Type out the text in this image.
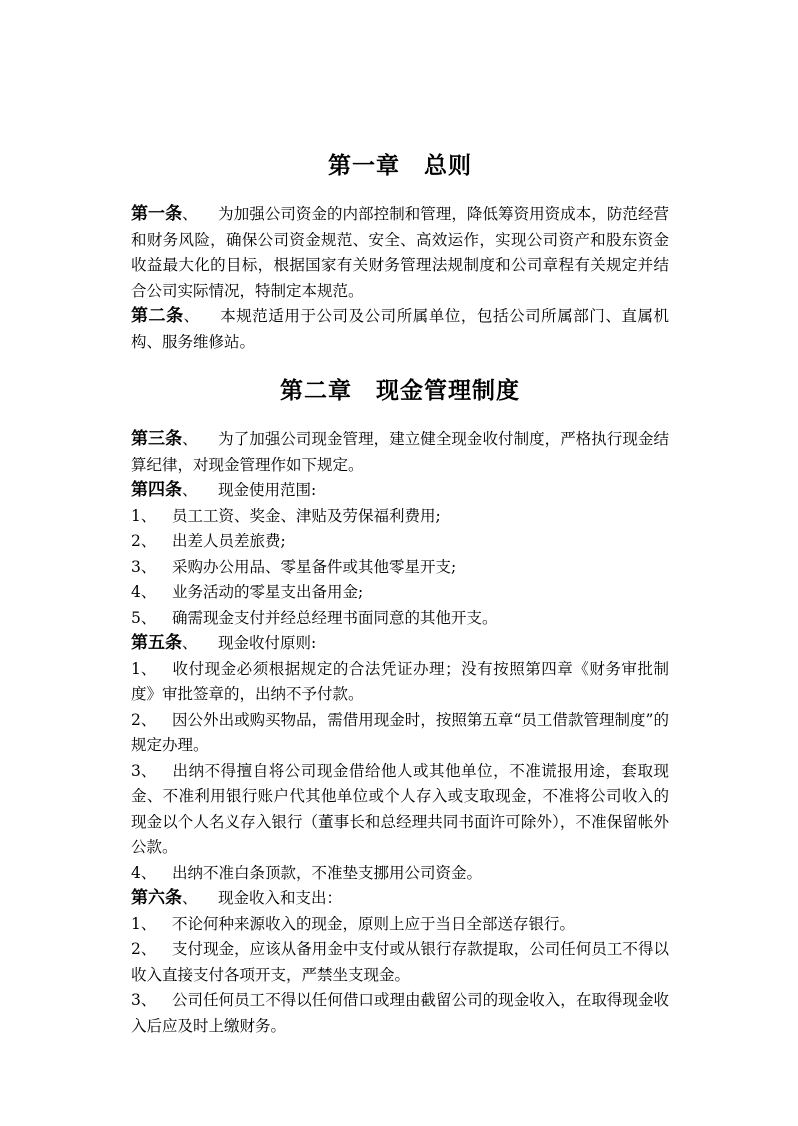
第一章　总则

第一条、 为加强公司资金的内部控制和管理，降低筹资用资成本，防范经营和财务风险，确保公司资金规范、安全、高效运作，实现公司资产和股东资金收益最大化的目标，根据国家有关财务管理法规制度和公司章程有关规定并结合公司实际情况，特制定本规范。

第二条、 本规范适用于公司及公司所属单位，包括公司所属部门、直属机构、服务维修站。

第二章　现金管理制度

第三条、 为了加强公司现金管理，建立健全现金收付制度，严格执行现金结算纪律，对现金管理作如下规定。

第四条、 现金使用范围:

1、 员工工资、奖金、津贴及劳保福利费用;

2、 出差人员差旅费;

3、 采购办公用品、零星备件或其他零星开支;

4、 业务活动的零星支出备用金;

5、 确需现金支付并经总经理书面同意的其他开支。

第五条、 现金收付原则:

1、 收付现金必须根据规定的合法凭证办理；没有按照第四章《财务审批制度》审批签章的，出纳不予付款。

2、 因公外出或购买物品，需借用现金时，按照第五章“员工借款管理制度”的规定办理。

3、 出纳不得擅自将公司现金借给他人或其他单位，不准谎报用途，套取现金、不准利用银行账户代其他单位或个人存入或支取现金，不准将公司收入的现金以个人名义存入银行（董事长和总经理共同书面许可除外），不准保留帐外公款。

4、 出纳不准白条顶款，不准垫支挪用公司资金。

第六条、 现金收入和支出：

1、 不论何种来源收入的现金，原则上应于当日全部送存银行。

2、 支付现金，应该从备用金中支付或从银行存款提取，公司任何员工不得以收入直接支付各项开支，严禁坐支现金。

3、 公司任何员工不得以任何借口或理由截留公司的现金收入，在取得现金收入后应及时上缴财务。
